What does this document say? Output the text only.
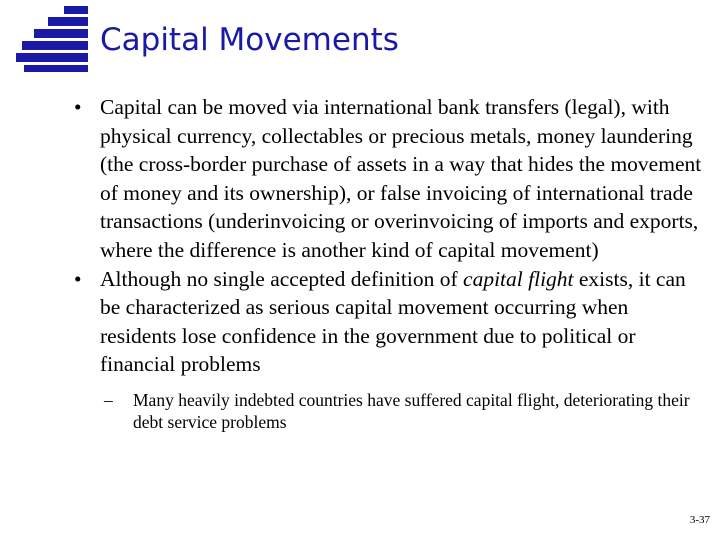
Capital Movements
• Capital can be moved via international bank transfers (legal), with physical currency, collectables or precious metals, money laundering (the cross-border purchase of assets in a way that hides the movement of money and its ownership), or false invoicing of international trade transactions (underinvoicing or overinvoicing of imports and exports, where the difference is another kind of capital movement)
• Although no single accepted definition of capital flight exists, it can be characterized as serious capital movement occurring when residents lose confidence in the government due to political or financial problems
– Many heavily indebted countries have suffered capital flight, deteriorating their debt service problems
3-37
